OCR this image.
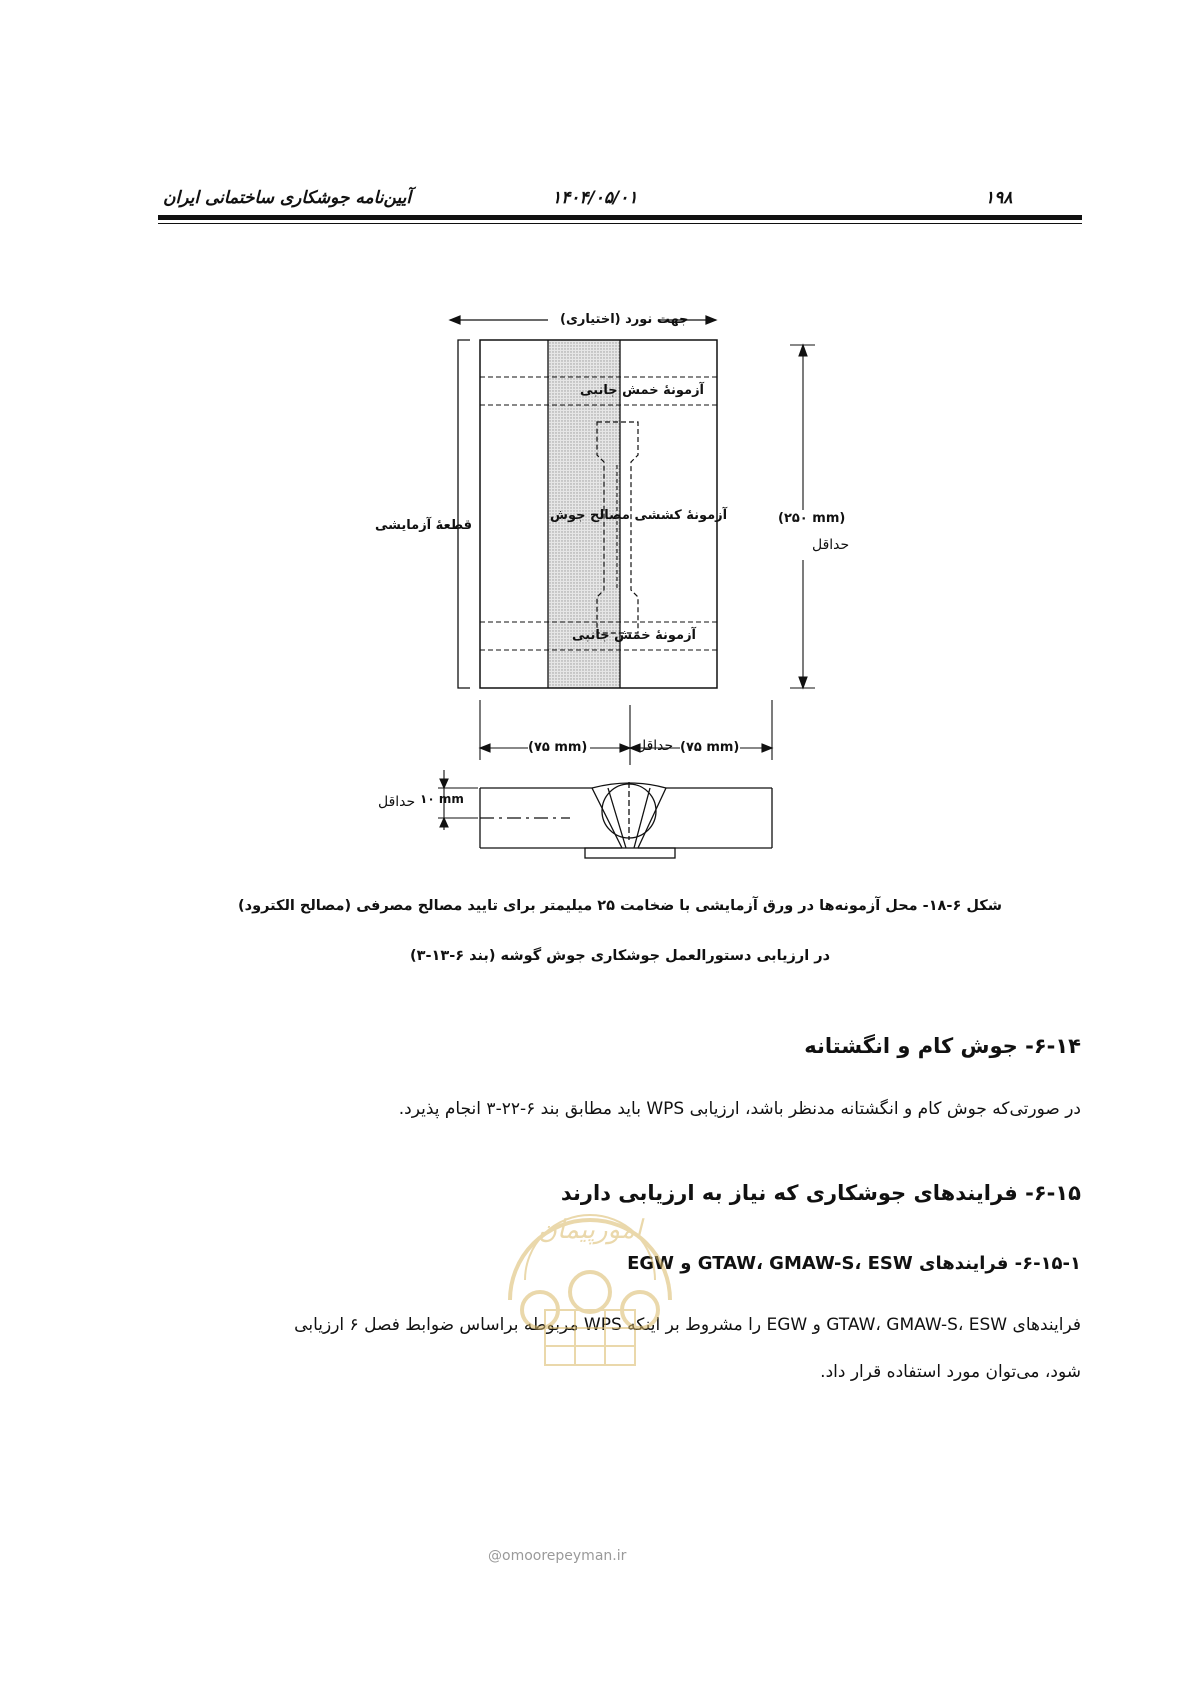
۱۹۸
۱۴۰۴/۰۵/۰۱
آیین‌نامه جوشکاری ساختمانی ایران
جهت نورد (اختیاری)
آزمونهٔ خمش جانبی
آزمونهٔ کششی مصالح جوش
قطعهٔ آزمایشی	(۲۵۰ mm)
حداقل
آزمونهٔ خمش جانبی
(۷۵ mm)	حداقل (۷۵ mm)
۱۰ mm
حداقل
شکل ۶-۱۸- محل آزمونه‌ها در ورق آزمایشی با ضخامت ۲۵ میلیمتر برای تایید مصالح مصرفی (مصالح الکترود)
در ارزیابی دستورالعمل جوشکاری جوش گوشه (بند ۶-۱۳-۳)
۶-۱۴- جوش کام و انگشتانه
در صورتی‌که جوش کام و انگشتانه مدنظر باشد، ارزیابی WPS باید مطابق بند ۶-۲۲-۳ انجام پذیرد.
۶-۱۵- فرایندهای جوشکاری که نیاز به ارزیابی دارند
۶-۱۵-۱- فرایندهای GTAW، GMAW-S، ESW و EGW
فرایندهای GTAW، GMAW-S، ESW و EGW را مشروط بر اینکه WPS مربوطه براساس ضوابط فصل ۶ ارزیابی
شود، می‌توان مورد استفاده قرار داد.
امورپیمان
@omoorepeyman.ir
